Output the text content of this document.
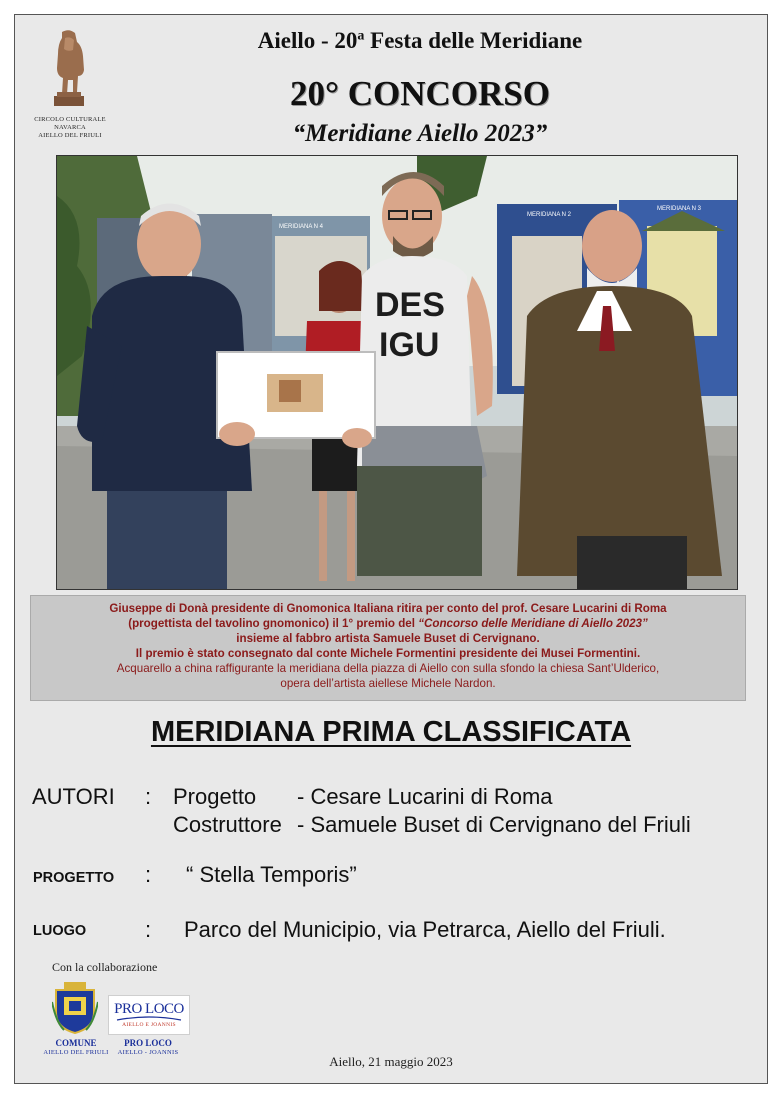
CIRCOLO CULTURALE
NAVARCA
AIELLO DEL FRIULI
Aiello - 20$^a$ Festa delle Meridiane
20° CONCORSO
“Meridiane Aiello 2023”
MERIDIANA N 4
MERIDIANA N 2
MERIDIANA N 3
DES
IGU
Giuseppe di Donà presidente di Gnomonica Italiana ritira per conto del prof. Cesare Lucarini di Roma
(progettista del tavolino gnomonico) il 1° premio del “Concorso delle Meridiane di Aiello 2023”
insieme al fabbro artista Samuele Buset di Cervignano.
Il premio è stato consegnato dal conte Michele Formentini presidente dei Musei Formentini.
Acquarello a china raffigurante la meridiana della piazza di Aiello con sulla sfondo la chiesa Sant’Ulderico,
opera dell’artista aiellese Michele Nardon.
MERIDIANA PRIMA CLASSIFICATA
AUTORI : Progetto - Cesare Lucarini di Roma
Costruttore - Samuele Buset di Cervignano del Friuli
PROGETTO : “ Stella Temporis”
LUOGO	: Parco del Municipio, via Petrarca, Aiello del Friuli.
Con la collaborazione
COMUNE
AIELLO DEL FRIULI
PRO LOCO
AIELLO E JOANNIS
PRO LOCO
AIELLO - JOANNIS
Aiello, 21 maggio 2023
